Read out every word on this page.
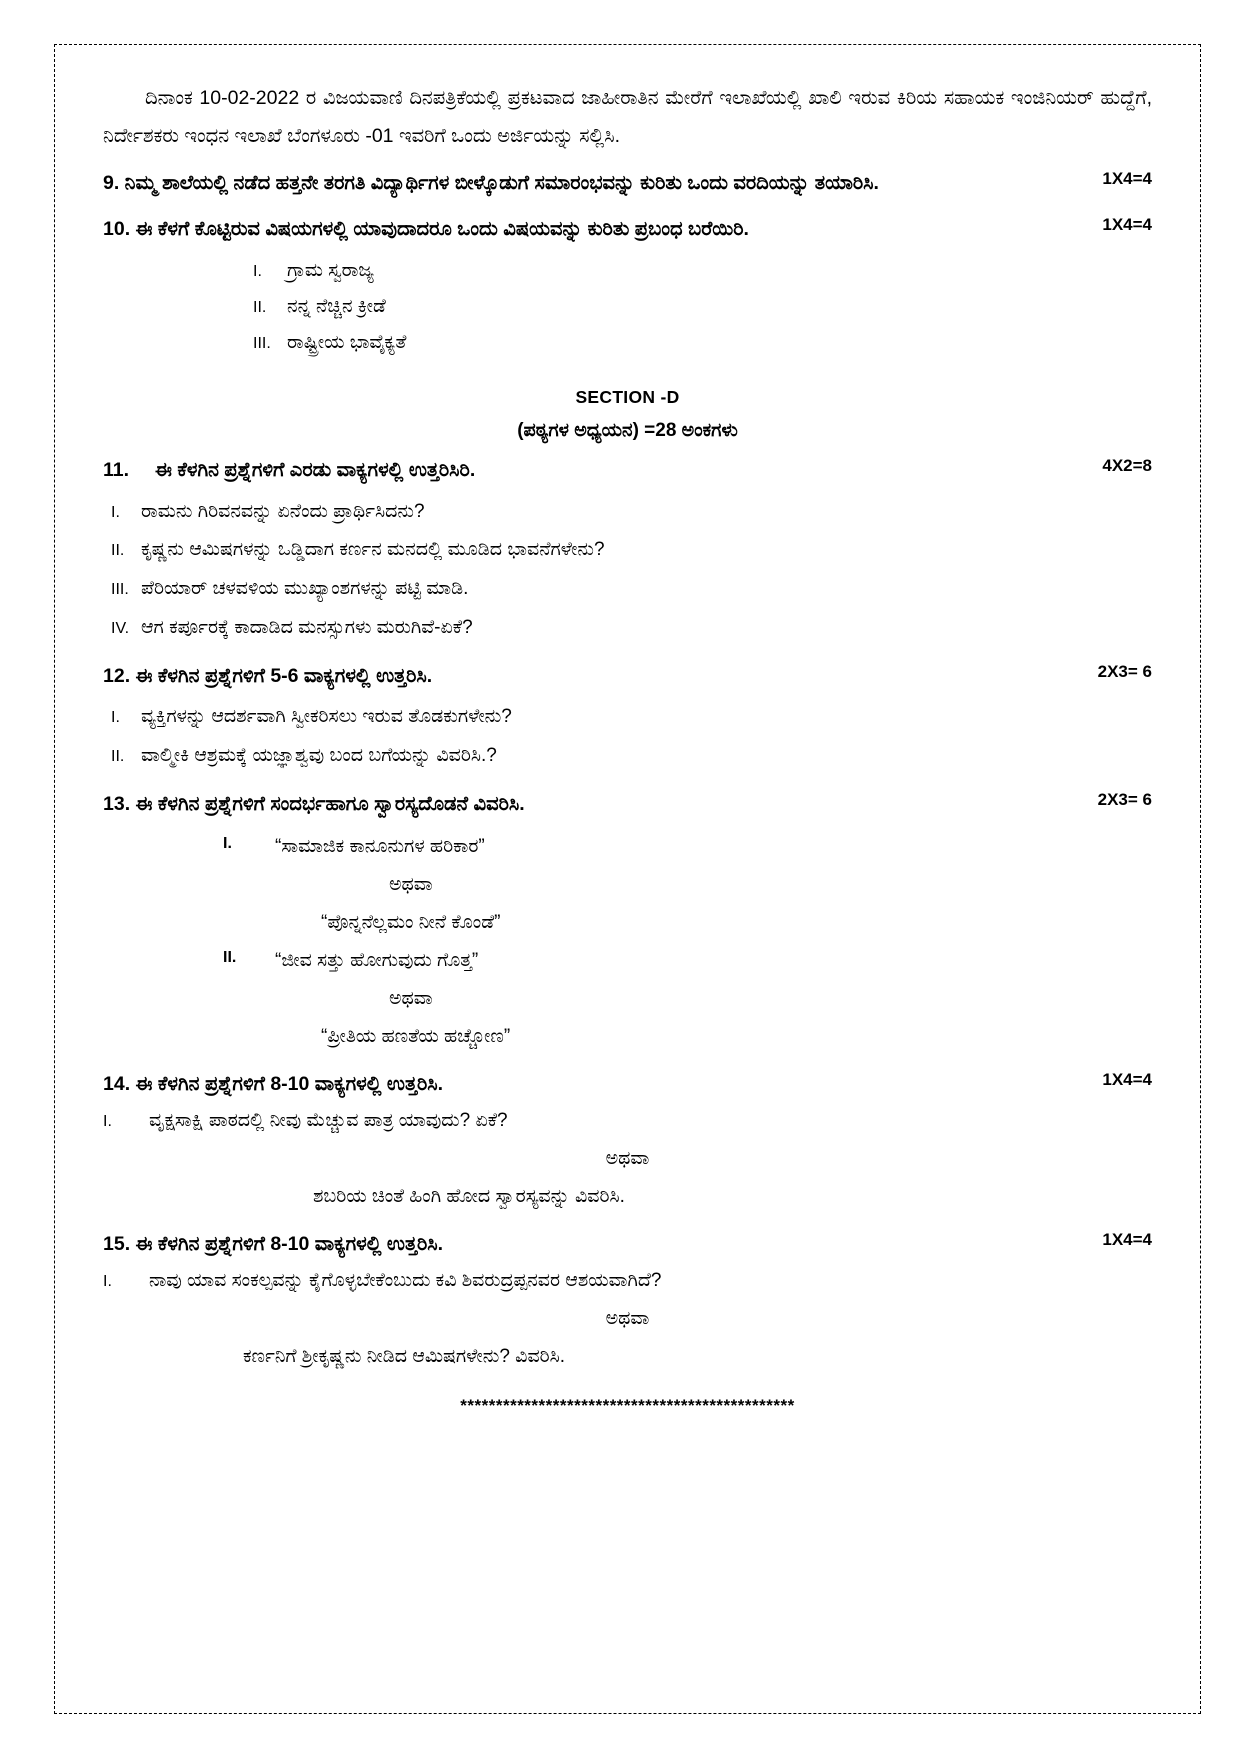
ದಿನಾಂಕ 10-02-2022 ರ ವಿಜಯವಾಣಿ ದಿನಪತ್ರಿಕೆಯಲ್ಲಿ ಪ್ರಕಟವಾದ ಜಾಹೀರಾತಿನ ಮೇರೆಗೆ ಇಲಾಖೆಯಲ್ಲಿ ಖಾಲಿ ಇರುವ ಕಿರಿಯ ಸಹಾಯಕ ಇಂಜಿನಿಯರ್ ಹುದ್ದೆಗೆ, ನಿರ್ದೇಶಕರು ಇಂಧನ ಇಲಾಖೆ ಬೆಂಗಳೂರು -01 ಇವರಿಗೆ ಒಂದು ಅರ್ಜಿಯನ್ನು ಸಲ್ಲಿಸಿ.

9. ನಿಮ್ಮ ಶಾಲೆಯಲ್ಲಿ ನಡೆದ ಹತ್ತನೇ ತರಗತಿ ವಿದ್ಯಾರ್ಥಿಗಳ ಬೀಳ್ಕೊಡುಗೆ ಸಮಾರಂಭವನ್ನು ಕುರಿತು ಒಂದು ವರದಿಯನ್ನು ತಯಾರಿಸಿ.	1X4=4
10. ಈ ಕೆಳಗೆ ಕೊಟ್ಟಿರುವ ವಿಷಯಗಳಲ್ಲಿ ಯಾವುದಾದರೂ ಒಂದು ವಿಷಯವನ್ನು ಕುರಿತು ಪ್ರಬಂಧ ಬರೆಯಿರಿ.	1X4=4
I. ಗ್ರಾಮ ಸ್ವರಾಜ್ಯ
II. ನನ್ನ ನೆಚ್ಚಿನ ಕ್ರೀಡೆ
III. ರಾಷ್ಟ್ರೀಯ ಭಾವೈಕ್ಯತೆ
SECTION -D
(ಪಠ್ಯಗಳ ಅಧ್ಯಯನ) =28 ಅಂಕಗಳು
11. ಈ ಕೆಳಗಿನ ಪ್ರಶ್ನೆಗಳಿಗೆ ಎರಡು ವಾಕ್ಯಗಳಲ್ಲಿ ಉತ್ತರಿಸಿರಿ.	4X2=8
I. ರಾಮನು ಗಿರಿವನವನ್ನು ಏನೆಂದು ಪ್ರಾರ್ಥಿಸಿದನು?
II. ಕೃಷ್ಣನು ಆಮಿಷಗಳನ್ನು ಒಡ್ಡಿದಾಗ ಕರ್ಣನ ಮನದಲ್ಲಿ ಮೂಡಿದ ಭಾವನೆಗಳೇನು?
III. ಪೆರಿಯಾರ್ ಚಳವಳಿಯ ಮುಖ್ಯಾಂಶಗಳನ್ನು ಪಟ್ಟಿ ಮಾಡಿ.
IV. ಆಗ ಕರ್ಪೂರಕ್ಕೆ ಕಾದಾಡಿದ ಮನಸ್ಸುಗಳು ಮರುಗಿವೆ-ಏಕೆ?
12. ಈ ಕೆಳಗಿನ ಪ್ರಶ್ನೆಗಳಿಗೆ 5-6 ವಾಕ್ಯಗಳಲ್ಲಿ ಉತ್ತರಿಸಿ.	2X3= 6
I. ವ್ಯಕ್ತಿಗಳನ್ನು ಆದರ್ಶವಾಗಿ ಸ್ವೀಕರಿಸಲು ಇರುವ ತೊಡಕುಗಳೇನು?
II. ವಾಲ್ಮೀಕಿ ಆಶ್ರಮಕ್ಕೆ ಯಜ್ಞಾಶ್ವವು ಬಂದ ಬಗೆಯನ್ನು ವಿವರಿಸಿ.?
13. ಈ ಕೆಳಗಿನ ಪ್ರಶ್ನೆಗಳಿಗೆ ಸಂದರ್ಭಹಾಗೂ ಸ್ವಾರಸ್ಯದೊಡನೆ ವಿವರಿಸಿ.	2X3= 6
I. “ಸಾಮಾಜಿಕ ಕಾನೂನುಗಳ ಹರಿಕಾರ”
ಅಥವಾ
“ಪೊನ್ನನೆಲ್ಲಮಂ ನೀನೆ ಕೊಂಡೆ”
II. “ಜೀವ ಸತ್ತು ಹೋಗುವುದು ಗೊತ್ತ”
ಅಥವಾ
“ಪ್ರೀತಿಯ ಹಣತೆಯ ಹಚ್ಚೋಣ”
14. ಈ ಕೆಳಗಿನ ಪ್ರಶ್ನೆಗಳಿಗೆ 8-10 ವಾಕ್ಯಗಳಲ್ಲಿ ಉತ್ತರಿಸಿ.	1X4=4
I. ವೃಕ್ಷಸಾಕ್ಷಿ ಪಾಠದಲ್ಲಿ ನೀವು ಮೆಚ್ಚುವ ಪಾತ್ರ ಯಾವುದು? ಏಕೆ?
ಅಥವಾ
ಶಬರಿಯ ಚಿಂತೆ ಹಿಂಗಿ ಹೋದ ಸ್ವಾರಸ್ಯವನ್ನು ವಿವರಿಸಿ.
15. ಈ ಕೆಳಗಿನ ಪ್ರಶ್ನೆಗಳಿಗೆ 8-10 ವಾಕ್ಯಗಳಲ್ಲಿ ಉತ್ತರಿಸಿ.	1X4=4
I. ನಾವು ಯಾವ ಸಂಕಲ್ಪವನ್ನು ಕೈಗೊಳ್ಳಬೇಕೆಂಬುದು ಕವಿ ಶಿವರುದ್ರಪ್ಪನವರ ಆಶಯವಾಗಿದೆ?
ಅಥವಾ
ಕರ್ಣನಿಗೆ ಶ್ರೀಕೃಷ್ಣನು ನೀಡಿದ ಆಮಿಷಗಳೇನು? ವಿವರಿಸಿ.
***********************************************
